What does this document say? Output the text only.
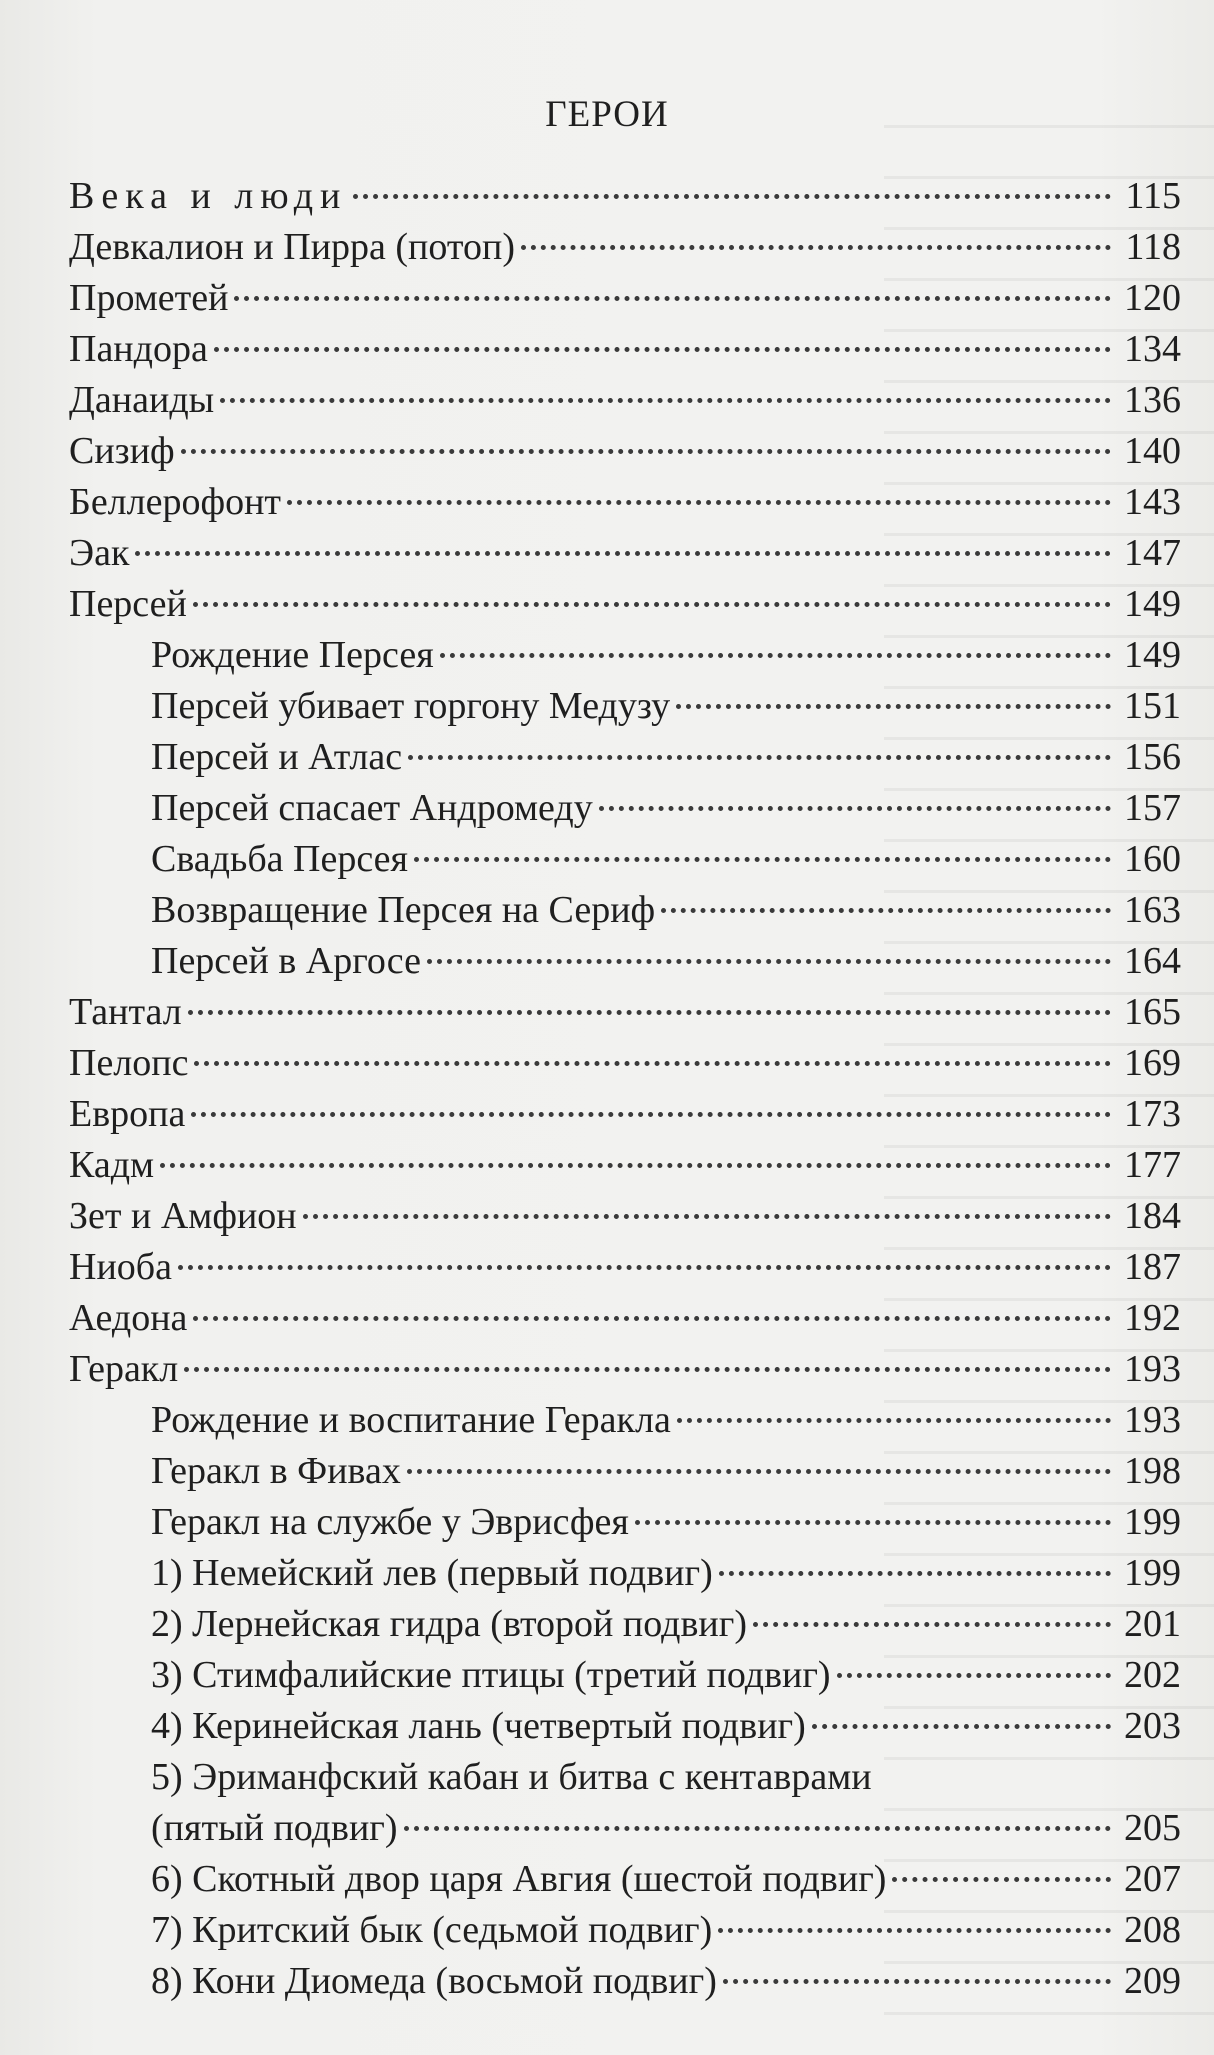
ГЕРОИ
Века и люди	115
Девкалион и Пирра (потоп)	118
Прометей	120
Пандора	134
Данаиды	136
Сизиф	140
Беллерофонт	143
Эак	147
Персей	149
Рождение Персея	149
Персей убивает горгону Медузу	151
Персей и Атлас	156
Персей спасает Андромеду	157
Свадьба Персея	160
Возвращение Персея на Сериф	163
Персей в Аргосе	164
Тантал	165
Пелопс	169
Европа	173
Кадм	177
Зет и Амфион	184
Ниоба	187
Аедона	192
Геракл	193
Рождение и воспитание Геракла	193
Геракл в Фивах	198
Геракл на службе у Эврисфея	199
1) Немейский лев (первый подвиг)	199
2) Лернейская гидра (второй подвиг)	201
3) Стимфалийские птицы (третий подвиг)	202
4) Керинейская лань (четвертый подвиг)	203
5) Эриманфский кабан и битва с кентаврами
(пятый подвиг)	205
6) Скотный двор царя Авгия (шестой подвиг)	207
7) Критский бык (седьмой подвиг)	208
8) Кони Диомеда (восьмой подвиг)	209
